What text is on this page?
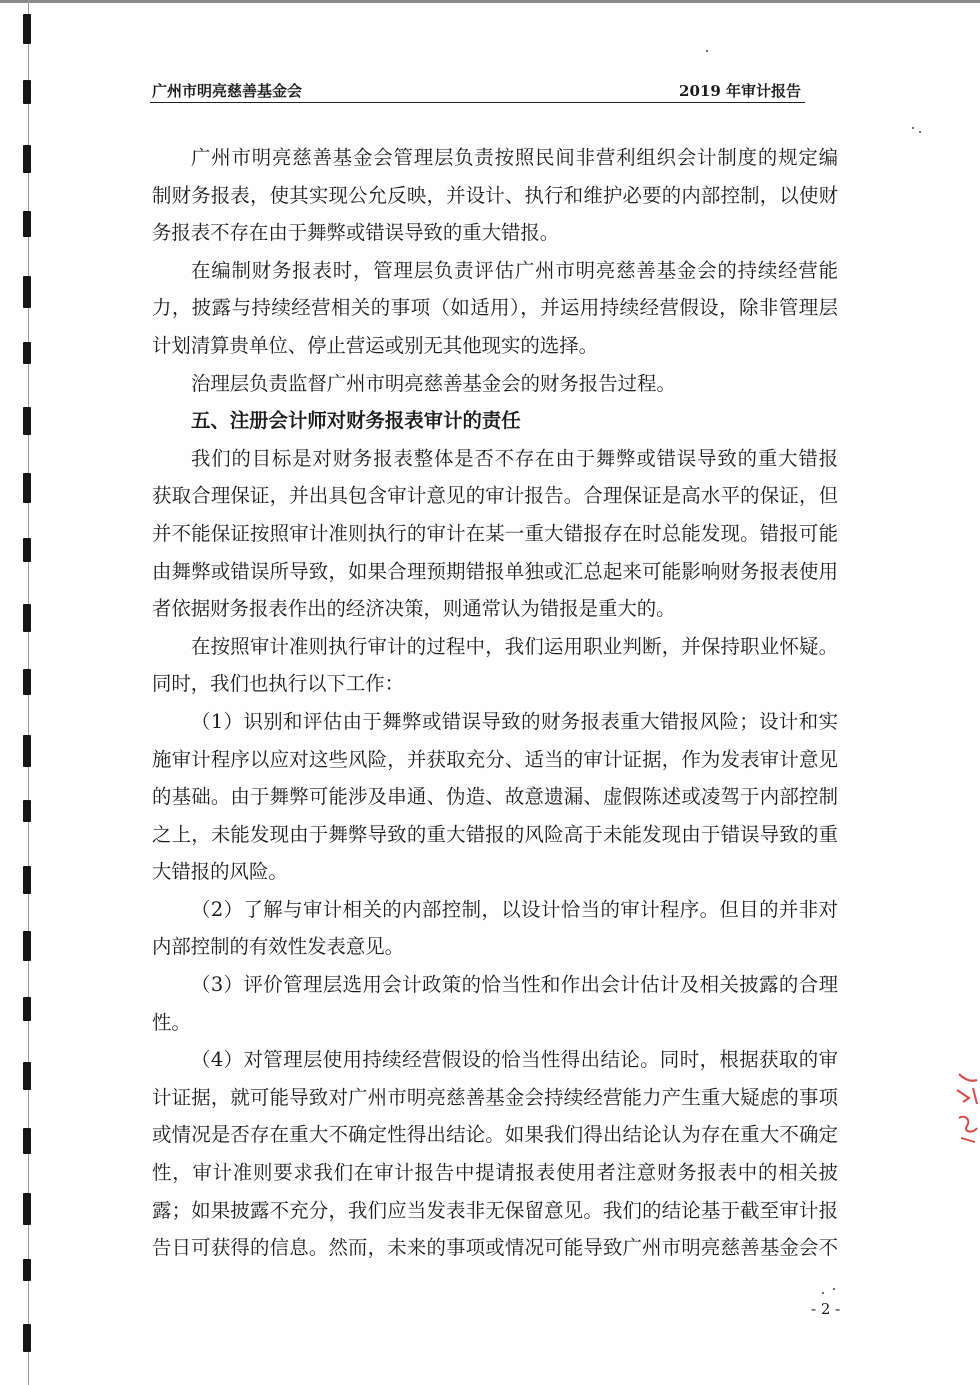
广州市明亮慈善基金会	2019 年审计报告
广州市明亮慈善基金会管理层负责按照民间非营利组织会计制度的规定编
制财务报表，使其实现公允反映，并设计、执行和维护必要的内部控制，以使财
务报表不存在由于舞弊或错误导致的重大错报。
在编制财务报表时，管理层负责评估广州市明亮慈善基金会的持续经营能
力，披露与持续经营相关的事项（如适用），并运用持续经营假设，除非管理层
计划清算贵单位、停止营运或别无其他现实的选择。
治理层负责监督广州市明亮慈善基金会的财务报告过程。
五、注册会计师对财务报表审计的责任
我们的目标是对财务报表整体是否不存在由于舞弊或错误导致的重大错报
获取合理保证，并出具包含审计意见的审计报告。合理保证是高水平的保证，但
并不能保证按照审计准则执行的审计在某一重大错报存在时总能发现。错报可能
由舞弊或错误所导致，如果合理预期错报单独或汇总起来可能影响财务报表使用
者依据财务报表作出的经济决策，则通常认为错报是重大的。
在按照审计准则执行审计的过程中，我们运用职业判断，并保持职业怀疑。
同时，我们也执行以下工作：
（1）识别和评估由于舞弊或错误导致的财务报表重大错报风险；设计和实
施审计程序以应对这些风险，并获取充分、适当的审计证据，作为发表审计意见
的基础。由于舞弊可能涉及串通、伪造、故意遗漏、虚假陈述或凌驾于内部控制
之上，未能发现由于舞弊导致的重大错报的风险高于未能发现由于错误导致的重
大错报的风险。
（2）了解与审计相关的内部控制，以设计恰当的审计程序。但目的并非对
内部控制的有效性发表意见。
（3）评价管理层选用会计政策的恰当性和作出会计估计及相关披露的合理
性。
（4）对管理层使用持续经营假设的恰当性得出结论。同时，根据获取的审
计证据，就可能导致对广州市明亮慈善基金会持续经营能力产生重大疑虑的事项
或情况是否存在重大不确定性得出结论。如果我们得出结论认为存在重大不确定
性，审计准则要求我们在审计报告中提请报表使用者注意财务报表中的相关披
露；如果披露不充分，我们应当发表非无保留意见。我们的结论基于截至审计报
告日可获得的信息。然而，未来的事项或情况可能导致广州市明亮慈善基金会不
- 2 -
